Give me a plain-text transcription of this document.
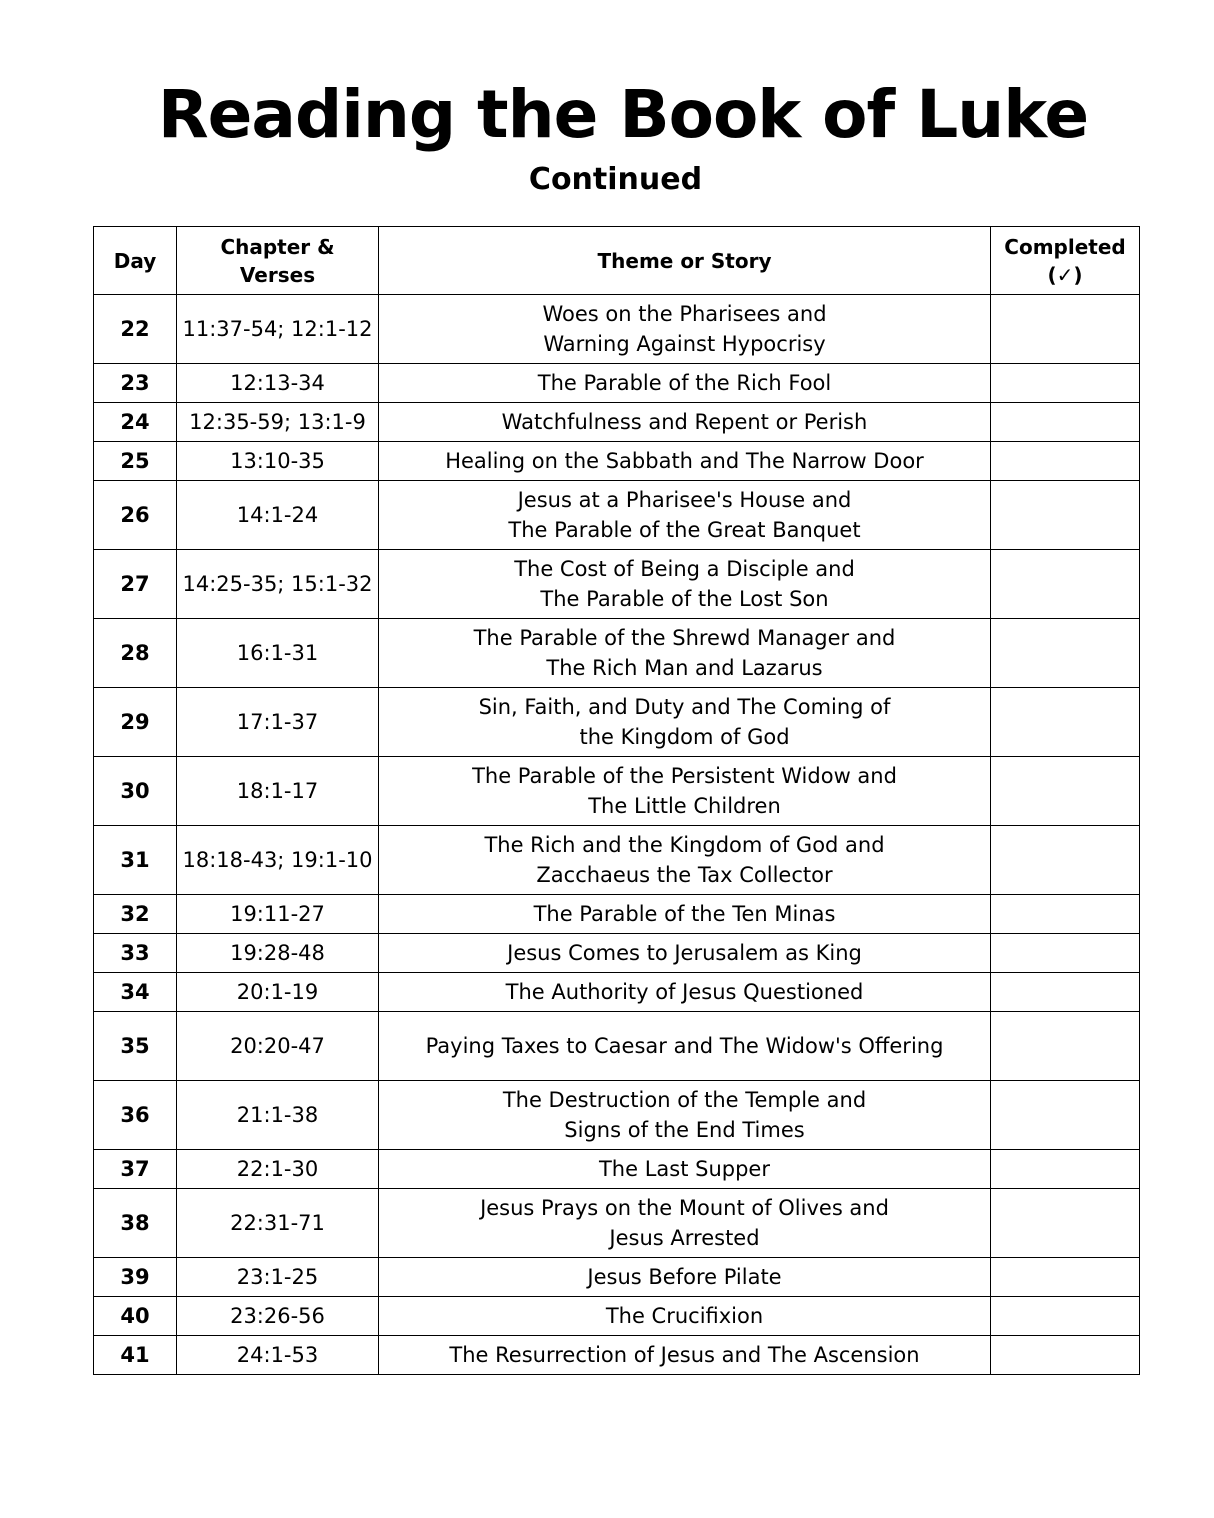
Reading the Book of Luke
Continued
Day	Chapter & Verses	Theme or Story	Completed
(✓)

22	11:37-54; 12:1-12	Woes on the Pharisees and
Warning Against Hypocrisy	

23	12:13-34	The Parable of the Rich Fool	

24	12:35-59; 13:1-9	Watchfulness and Repent or Perish	

25	13:10-35	Healing on the Sabbath and The Narrow Door	

26	14:1-24	Jesus at a Pharisee's House and
The Parable of the Great Banquet	

27	14:25-35; 15:1-32	The Cost of Being a Disciple and
The Parable of the Lost Son	

28	16:1-31	The Parable of the Shrewd Manager and
The Rich Man and Lazarus	

29	17:1-37	Sin, Faith, and Duty and The Coming of
the Kingdom of God	

30	18:1-17	The Parable of the Persistent Widow and
The Little Children	

31	18:18-43; 19:1-10	The Rich and the Kingdom of God and
Zacchaeus the Tax Collector	

32	19:11-27	The Parable of the Ten Minas	

33	19:28-48	Jesus Comes to Jerusalem as King	

34	20:1-19	The Authority of Jesus Questioned	

35	20:20-47	Paying Taxes to Caesar and The Widow's Offering	

36	21:1-38	The Destruction of the Temple and
Signs of the End Times	

37	22:1-30	The Last Supper	

38	22:31-71	Jesus Prays on the Mount of Olives and
Jesus Arrested	

39	23:1-25	Jesus Before Pilate	

40	23:26-56	The Crucifixion	

41	24:1-53	The Resurrection of Jesus and The Ascension	
